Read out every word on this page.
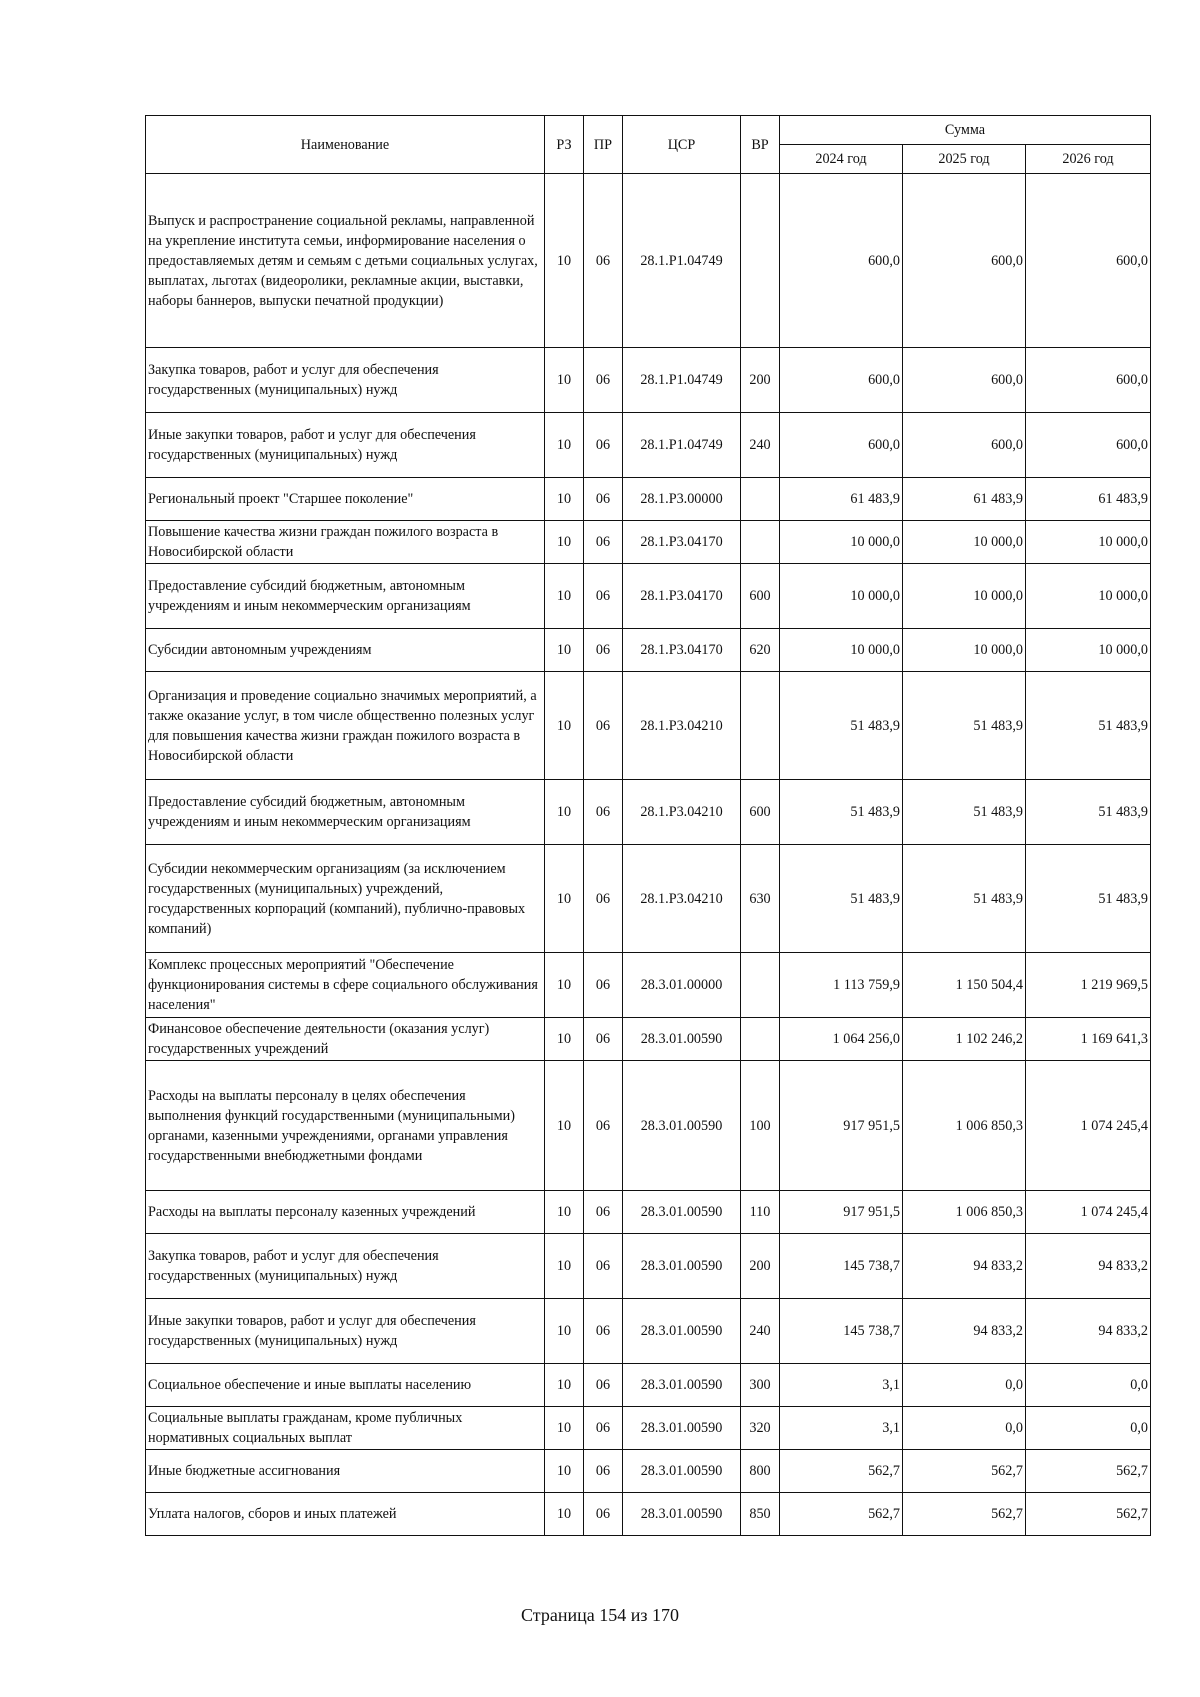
Наименование	РЗ	ПР	ЦСР	ВР	Сумма		
					2024 год	2025 год	2026 год
Выпуск и распространение социальной рекламы, направленной на укрепление института семьи, информирование населения о предоставляемых детям и семьям с детьми социальных услугах, выплатах, льготах (видеоролики, рекламные акции, выставки, наборы баннеров, выпуски печатной продукции)	10	06	28.1.Р1.04749		600,0	600,0	600,0
Закупка товаров, работ и услуг для обеспечения государственных (муниципальных) нужд	10	06	28.1.Р1.04749	200	600,0	600,0	600,0
Иные закупки товаров, работ и услуг для обеспечения государственных (муниципальных) нужд	10	06	28.1.Р1.04749	240	600,0	600,0	600,0
Региональный проект "Старшее поколение"	10	06	28.1.Р3.00000		61 483,9	61 483,9	61 483,9
Повышение качества жизни граждан пожилого возраста в Новосибирской области	10	06	28.1.Р3.04170		10 000,0	10 000,0	10 000,0
Предоставление субсидий бюджетным, автономным учреждениям и иным некоммерческим организациям	10	06	28.1.Р3.04170	600	10 000,0	10 000,0	10 000,0
Субсидии автономным учреждениям	10	06	28.1.Р3.04170	620	10 000,0	10 000,0	10 000,0
Организация и проведение социально значимых мероприятий, а также оказание услуг, в том числе общественно полезных услуг для повышения качества жизни граждан пожилого возраста в Новосибирской области	10	06	28.1.Р3.04210		51 483,9	51 483,9	51 483,9
Предоставление субсидий бюджетным, автономным учреждениям и иным некоммерческим организациям	10	06	28.1.Р3.04210	600	51 483,9	51 483,9	51 483,9
Субсидии некоммерческим организациям (за исключением государственных (муниципальных) учреждений, государственных корпораций (компаний), публично-правовых компаний)	10	06	28.1.Р3.04210	630	51 483,9	51 483,9	51 483,9
Комплекс процессных мероприятий "Обеспечение функционирования системы в сфере социального обслуживания населения"	10	06	28.3.01.00000		1 113 759,9	1 150 504,4	1 219 969,5
Финансовое обеспечение деятельности (оказания услуг) государственных учреждений	10	06	28.3.01.00590		1 064 256,0	1 102 246,2	1 169 641,3
Расходы на выплаты персоналу в целях обеспечения выполнения функций государственными (муниципальными) органами, казенными учреждениями, органами управления государственными внебюджетными фондами	10	06	28.3.01.00590	100	917 951,5	1 006 850,3	1 074 245,4
Расходы на выплаты персоналу казенных учреждений	10	06	28.3.01.00590	110	917 951,5	1 006 850,3	1 074 245,4
Закупка товаров, работ и услуг для обеспечения государственных (муниципальных) нужд	10	06	28.3.01.00590	200	145 738,7	94 833,2	94 833,2
Иные закупки товаров, работ и услуг для обеспечения государственных (муниципальных) нужд	10	06	28.3.01.00590	240	145 738,7	94 833,2	94 833,2
Социальное обеспечение и иные выплаты населению	10	06	28.3.01.00590	300	3,1	0,0	0,0
Социальные выплаты гражданам, кроме публичных нормативных социальных выплат	10	06	28.3.01.00590	320	3,1	0,0	0,0
Иные бюджетные ассигнования	10	06	28.3.01.00590	800	562,7	562,7	562,7
Уплата налогов, сборов и иных платежей	10	06	28.3.01.00590	850	562,7	562,7	562,7
Страница 154 из 170
